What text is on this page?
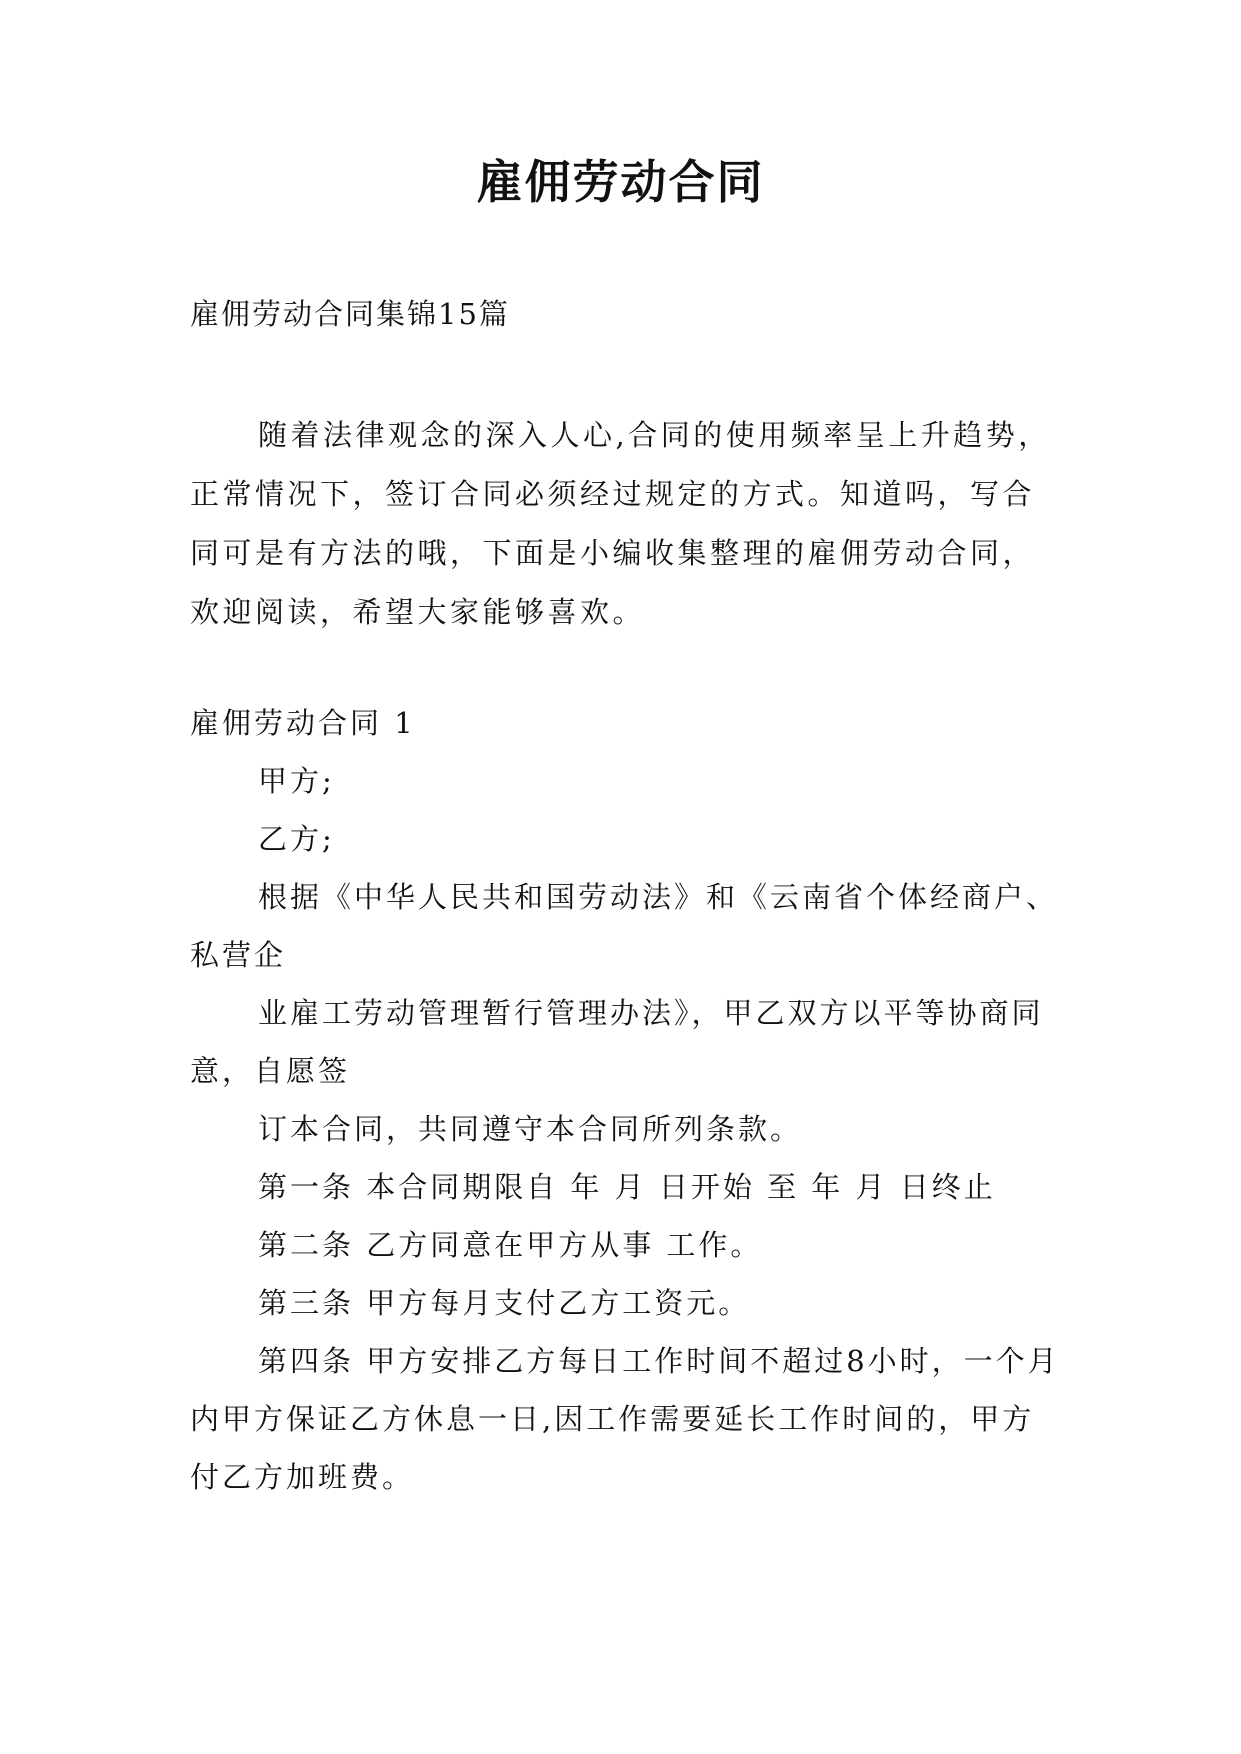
雇佣劳动合同
雇佣劳动合同集锦15篇

随着法律观念的深入人心,合同的使用频率呈上升趋势，正常情况下，签订合同必须经过规定的方式。知道吗，写合同可是有方法的哦，下面是小编收集整理的雇佣劳动合同，欢迎阅读，希望大家能够喜欢。

雇佣劳动合同 1

甲方;

乙方;

根据《中华人民共和国劳动法》和《云南省个体经商户、私营企

业雇工劳动管理暂行管理办法》，甲乙双方以平等协商同意，自愿签

订本合同，共同遵守本合同所列条款。

第一条 本合同期限自 年 月 日开始 至 年 月 日终止

第二条 乙方同意在甲方从事 工作。

第三条 甲方每月支付乙方工资元。

第四条 甲方安排乙方每日工作时间不超过8小时，一个月内甲方保证乙方休息一日,因工作需要延长工作时间的，甲方付乙方加班费。
